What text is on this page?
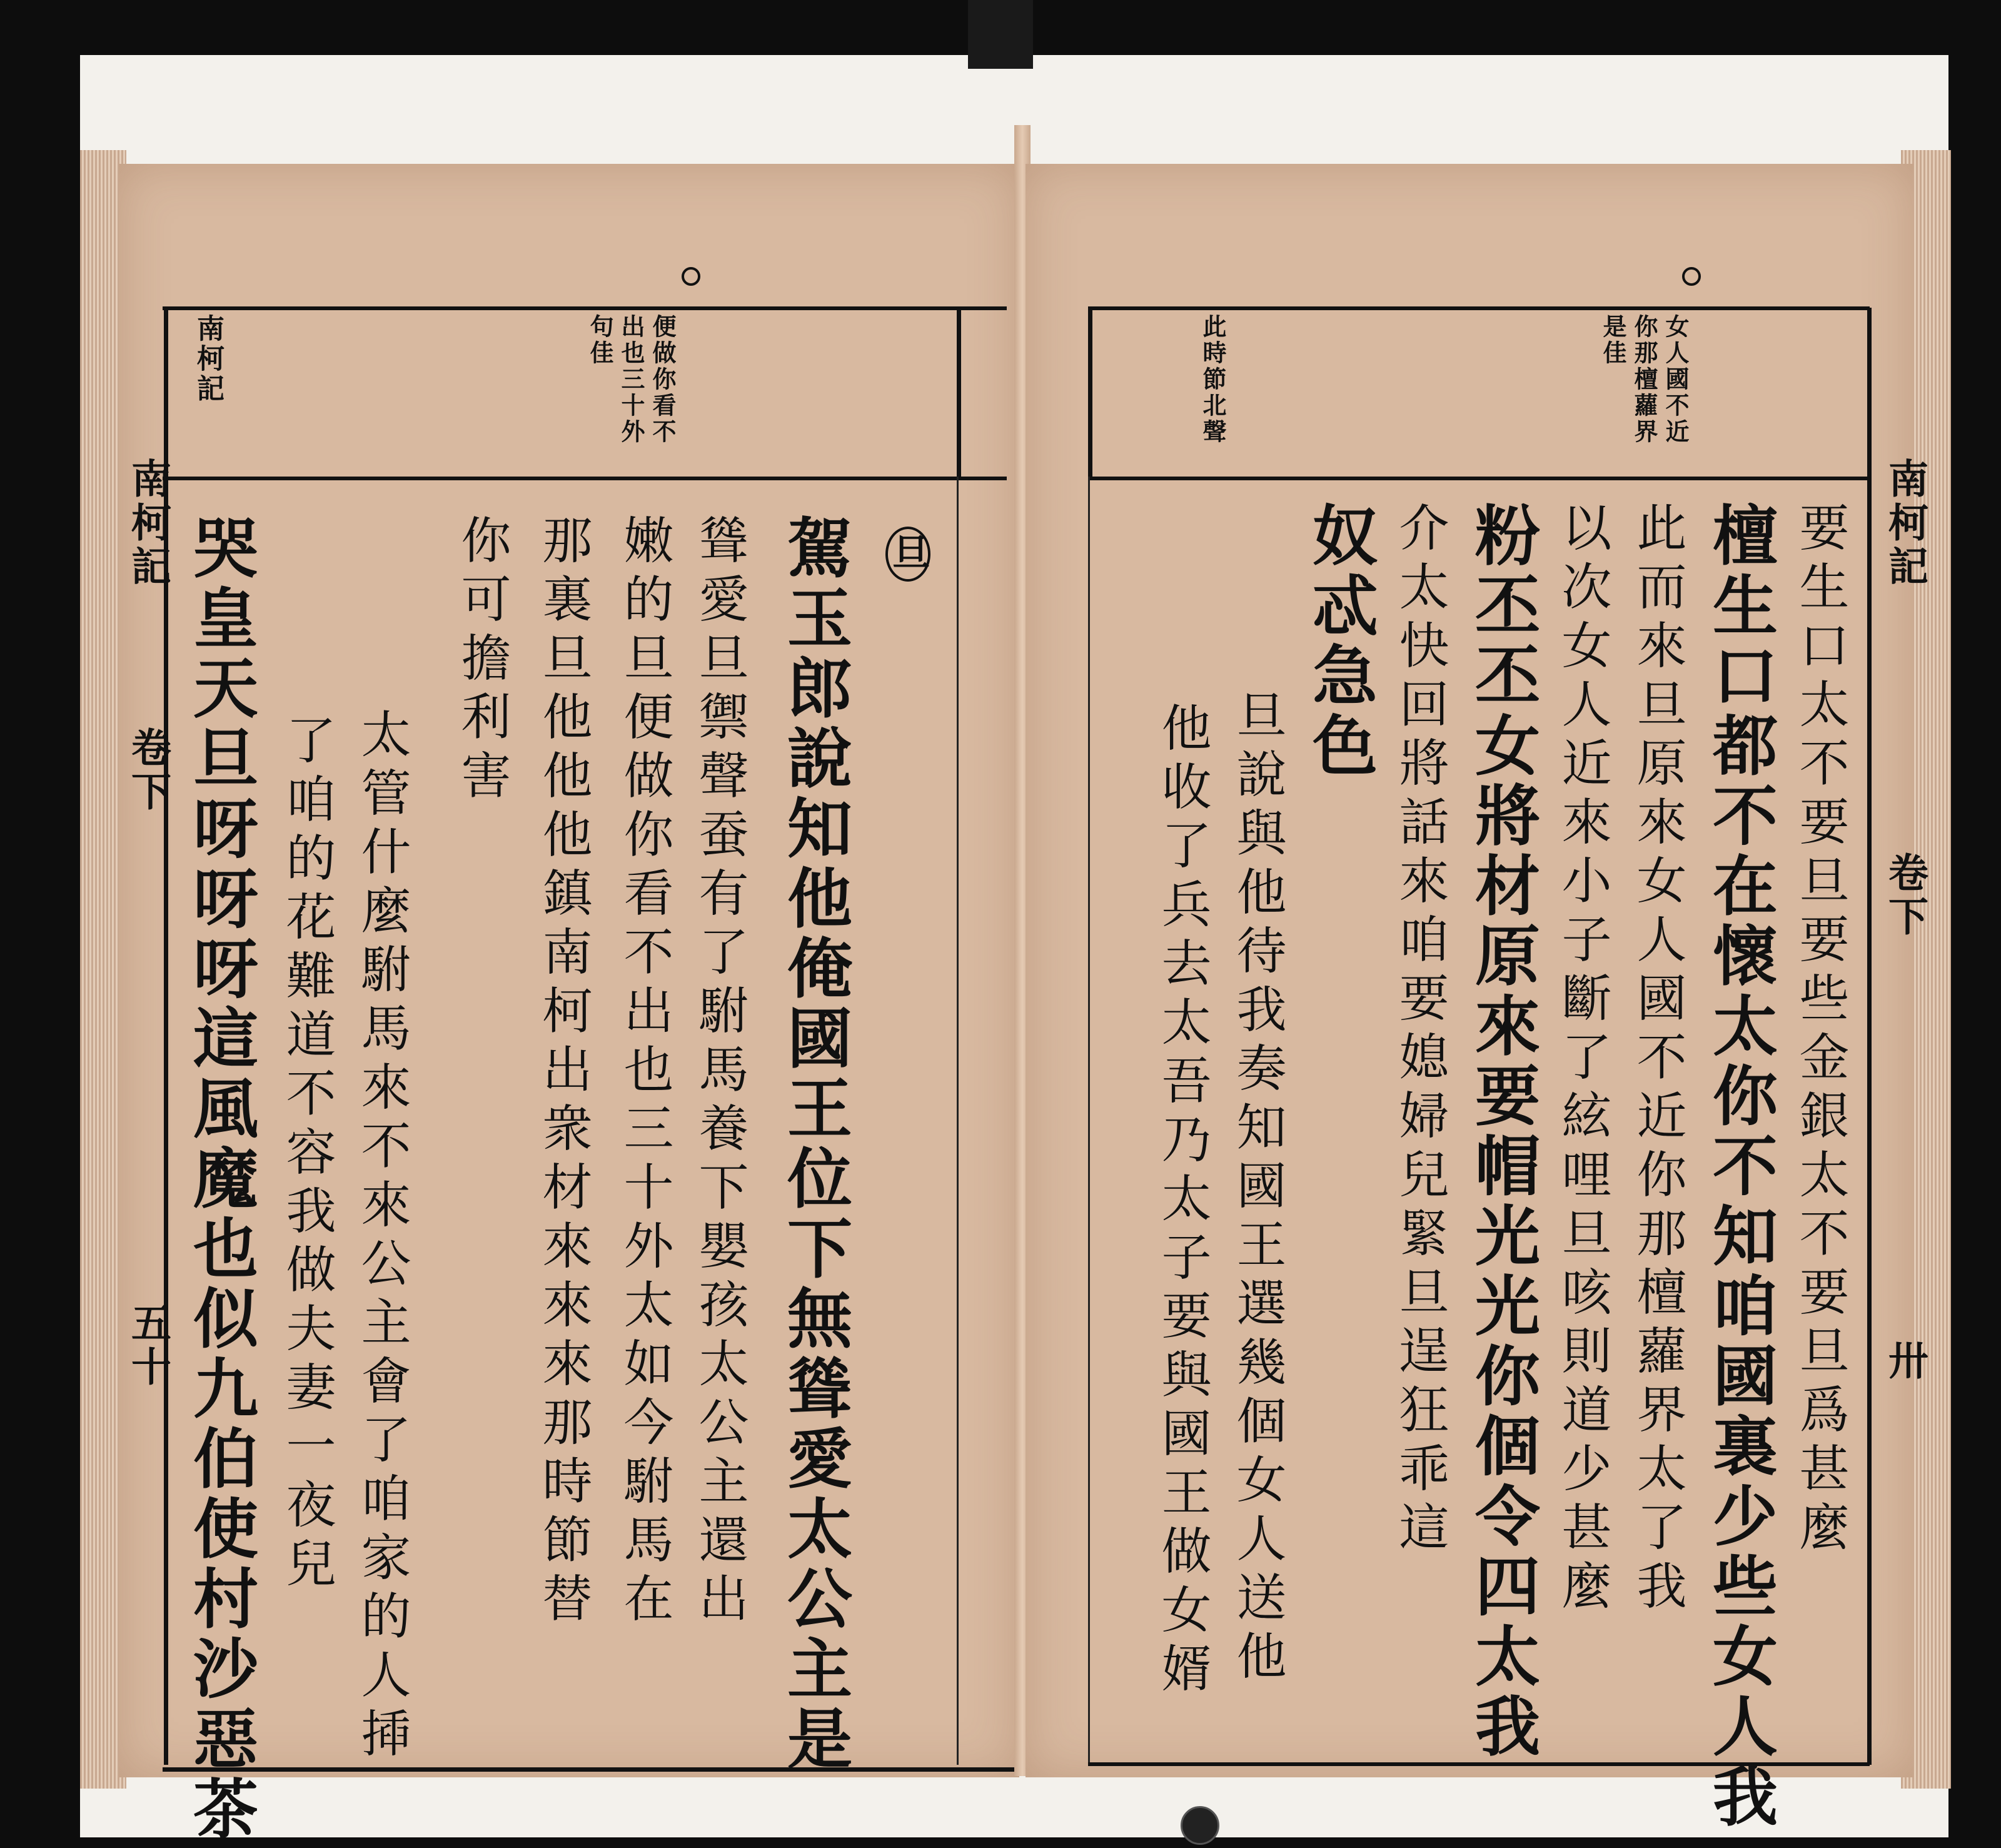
便做你看不
出也三十外
句佳
南柯記
南柯記
卷下
五十
旦
駕玉郎說知他俺國王位下無聳愛太公主是
聳愛旦禦聲蚕有了駙馬養下嬰孩太公主還出
嫩的旦便做你看不出也三十外太如今駙馬在
那裏旦他他他鎮南柯出衆材來來來那時節替
你可擔利害
太管什麼駙馬來不來公主會了咱家的人揷
了咱的花難道不容我做夫妻一夜兒
哭皇天旦呀呀呀這風魔也似九伯使村沙惡茶
女人國不近
你那檀蘿界
是佳
此時節北聲
南柯記
卷下
卅
要生口太不要旦要些金銀太不要旦爲甚麼
檀生口都不在懷太你不知咱國裏少些女人我
此而來旦原來女人國不近你那檀蘿界太了我
以次女人近來小子斷了絃哩旦咳則道少甚麼
粉丕丕女將材原來要帽光光你個令四太我
介太快回將話來咱要媳婦兒緊旦逞狂乖這
奴忒急色
旦說與他待我奏知國王選幾個女人送他
他收了兵去太吾乃太子要與國王做女婿
